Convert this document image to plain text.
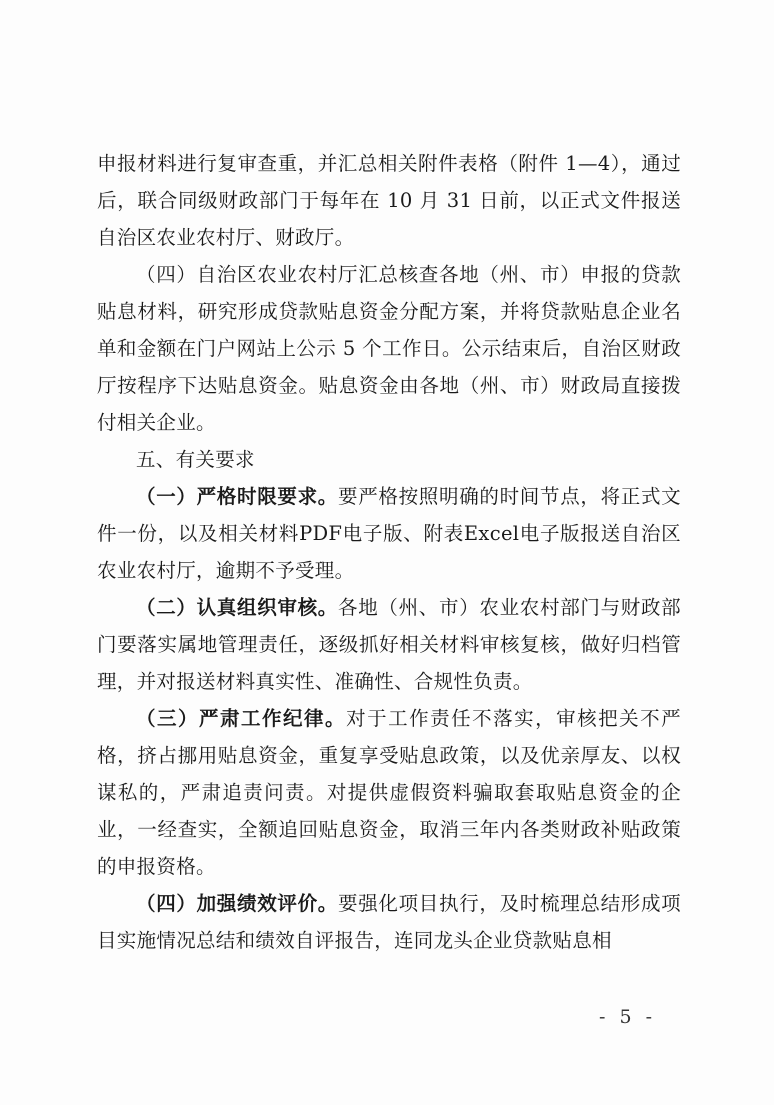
申报材料进行复审查重，并汇总相关附件表格（附件 1—4），通过后，联合同级财政部门于每年在 10 月 31 日前，以正式文件报送自治区农业农村厅、财政厅。

（四）自治区农业农村厅汇总核查各地（州、市）申报的贷款贴息材料，研究形成贷款贴息资金分配方案，并将贷款贴息企业名单和金额在门户网站上公示 5 个工作日。公示结束后，自治区财政厅按程序下达贴息资金。贴息资金由各地（州、市）财政局直接拨付相关企业。

五、有关要求

（一）严格时限要求。要严格按照明确的时间节点，将正式文件一份，以及相关材料PDF电子版、附表Excel电子版报送自治区农业农村厅，逾期不予受理。

（二）认真组织审核。各地（州、市）农业农村部门与财政部门要落实属地管理责任，逐级抓好相关材料审核复核，做好归档管理，并对报送材料真实性、准确性、合规性负责。

（三）严肃工作纪律。对于工作责任不落实，审核把关不严格，挤占挪用贴息资金，重复享受贴息政策，以及优亲厚友、以权谋私的，严肃追责问责。对提供虚假资料骗取套取贴息资金的企业，一经查实，全额追回贴息资金，取消三年内各类财政补贴政策的申报资格。

（四）加强绩效评价。要强化项目执行，及时梳理总结形成项目实施情况总结和绩效自评报告，连同龙头企业贷款贴息相

- 5 -
